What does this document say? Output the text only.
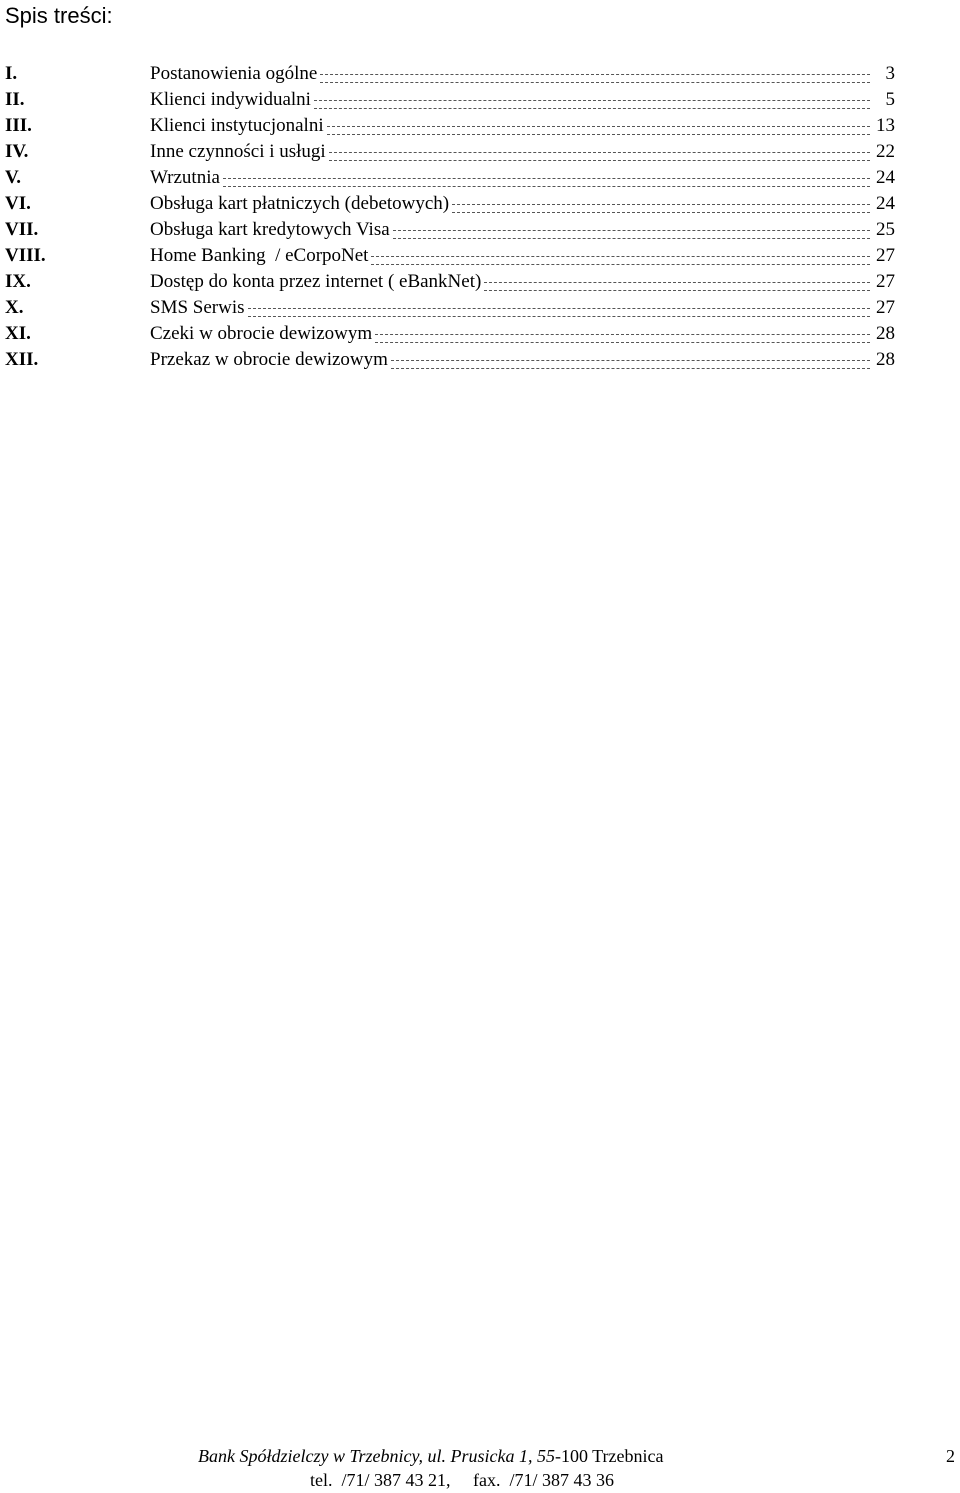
Spis treści:
I.	Postanowienia ogólne	3
II.	Klienci indywidualni	5
III.	Klienci instytucjonalni	13
IV.	Inne czynności i usługi	22
V.	Wrzutnia	24
VI.	Obsługa kart płatniczych (debetowych)	24
VII.	Obsługa kart kredytowych Visa	25
VIII.	Home Banking  / eCorpoNet	27
IX.	Dostęp do konta przez internet ( eBankNet)	27
X.	SMS Serwis	27
XI.	Czeki w obrocie dewizowym	28
XII.	Przekaz w obrocie dewizowym	28
Bank Spółdzielczy w Trzebnicy, ul. Prusicka 1, 55-100 Trzebnica
tel.  /71/ 387 43 21,     fax.  /71/ 387 43 36
2
